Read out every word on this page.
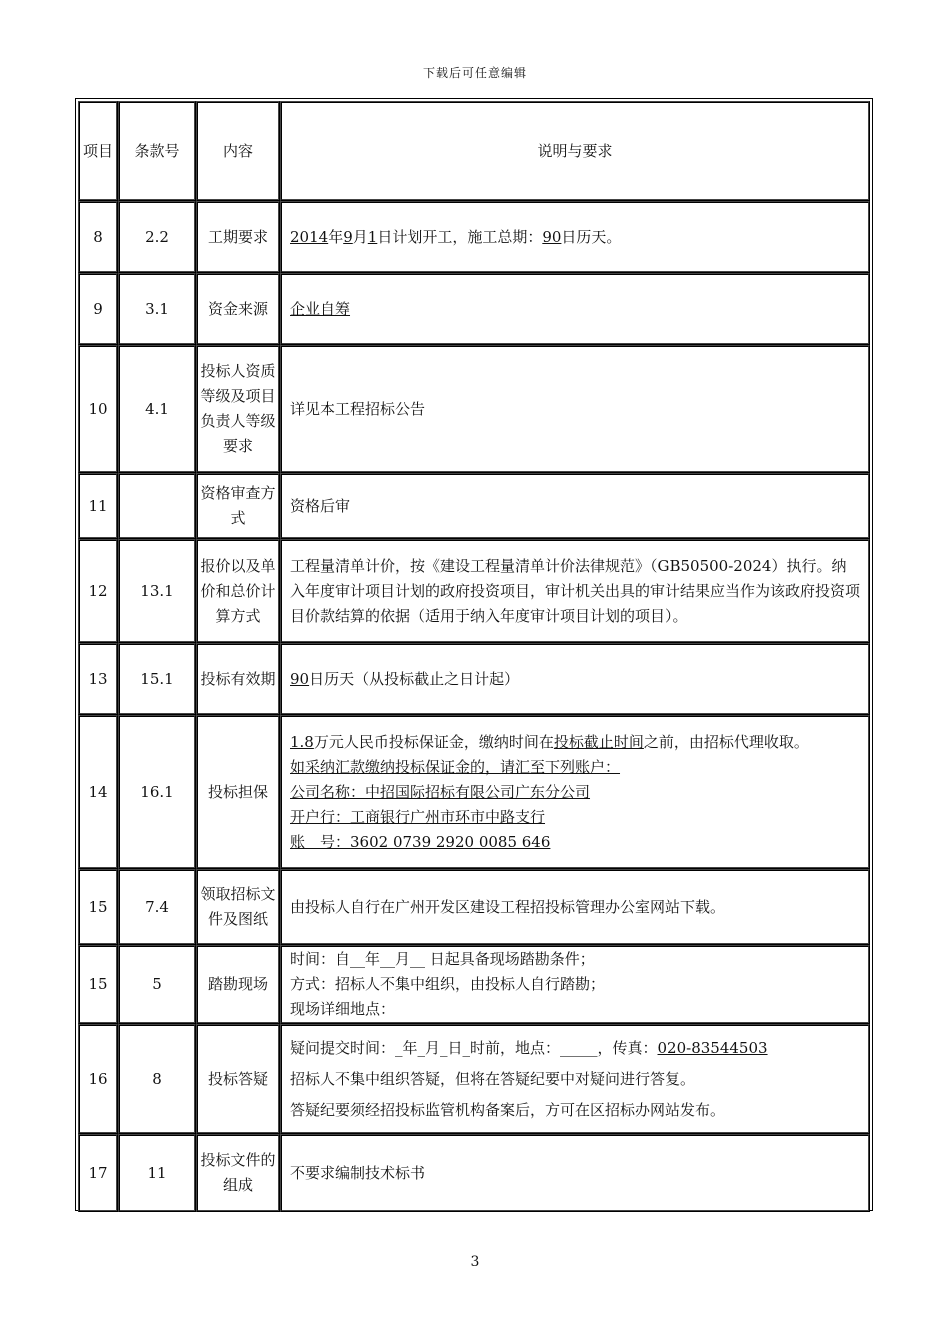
下载后可任意编辑
项目	条款号	内容	说明与要求
8	2.2	工期要求	2014年9月1日计划开工，施工总期：90日历天。
9	3.1	资金来源	企业自筹
10	4.1	投标人资质等级及项目负责人等级要求	详见本工程招标公告
11		资格审查方式	资格后审
12	13.1	报价以及单价和总价计算方式	工程量清单计价，按《建设工程量清单计价法律规范》（GB50500-2024）执行。纳入年度审计项目计划的政府投资项目，审计机关出具的审计结果应当作为该政府投资项目价款结算的依据（适用于纳入年度审计项目计划的项目）。
13	15.1	投标有效期	90日历天（从投标截止之日计起）
14	16.1	投标担保	1.8万元人民币投标保证金，缴纳时间在投标截止时间之前，由招标代理收取。
如采纳汇款缴纳投标保证金的，请汇至下列账户：
公司名称：中招国际招标有限公司广东分公司
开户行：工商银行广州市环市中路支行
账　号：3602 0739 2920 0085 646

15	7.4	领取招标文件及图纸	由投标人自行在广州开发区建设工程招投标管理办公室网站下载。
15	5	踏勘现场	时间：自__年__月__ 日起具备现场踏勘条件；
方式：招标人不集中组织，由投标人自行踏勘；
现场详细地点：

16	8	投标答疑	疑问提交时间：_年_月_日_时前，地点：_____，传真：020-83544503
招标人不集中组织答疑，但将在答疑纪要中对疑问进行答复。
答疑纪要须经招投标监管机构备案后，方可在区招标办网站发布。

17	11	投标文件的组成	不要求编制技术标书
3
